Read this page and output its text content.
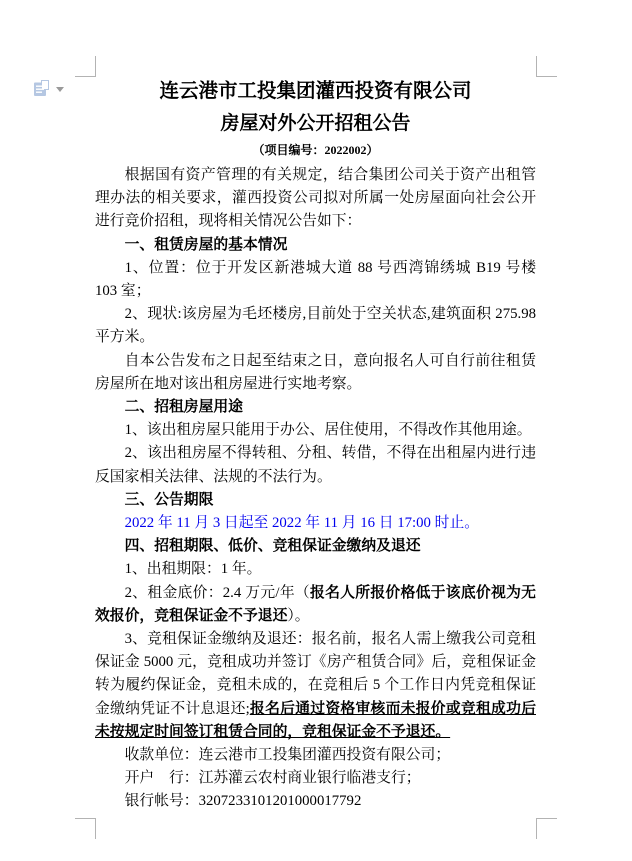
连云港市工投集团灌西投资有限公司
房屋对外公开招租公告
（项目编号：2022002）
根据国有资产管理的有关规定，结合集团公司关于资产出租管理办法的相关要求，灌西投资公司拟对所属一处房屋面向社会公开进行竞价招租，现将相关情况公告如下：
一、租赁房屋的基本情况
1、位置：位于开发区新港城大道 88 号西湾锦绣城 B19 号楼 103 室；
2、现状:该房屋为毛坯楼房,目前处于空关状态,建筑面积 275.98 平方米。
自本公告发布之日起至结束之日，意向报名人可自行前往租赁房屋所在地对该出租房屋进行实地考察。
二、招租房屋用途
1、该出租房屋只能用于办公、居住使用，不得改作其他用途。
2、该出租房屋不得转租、分租、转借，不得在出租屋内进行违反国家相关法律、法规的不法行为。
三、公告期限
2022 年 11 月 3 日起至 2022 年 11 月 16 日 17:00 时止。
四、招租期限、低价、竞租保证金缴纳及退还
1、出租期限：1 年。
2、租金底价：2.4 万元/年（报名人所报价格低于该底价视为无效报价，竞租保证金不予退还）。
3、竞租保证金缴纳及退还：报名前，报名人需上缴我公司竞租保证金 5000 元，竞租成功并签订《房产租赁合同》后，竞租保证金转为履约保证金，竞租未成的，在竞租后 5 个工作日内凭竞租保证金缴纳凭证不计息退还;报名后通过资格审核而未报价或竞租成功后未按规定时间签订租赁合同的，竞租保证金不予退还。
收款单位：连云港市工投集团灌西投资有限公司；
开户　行：江苏灌云农村商业银行临港支行；
银行帐号：3207233101201000017792
